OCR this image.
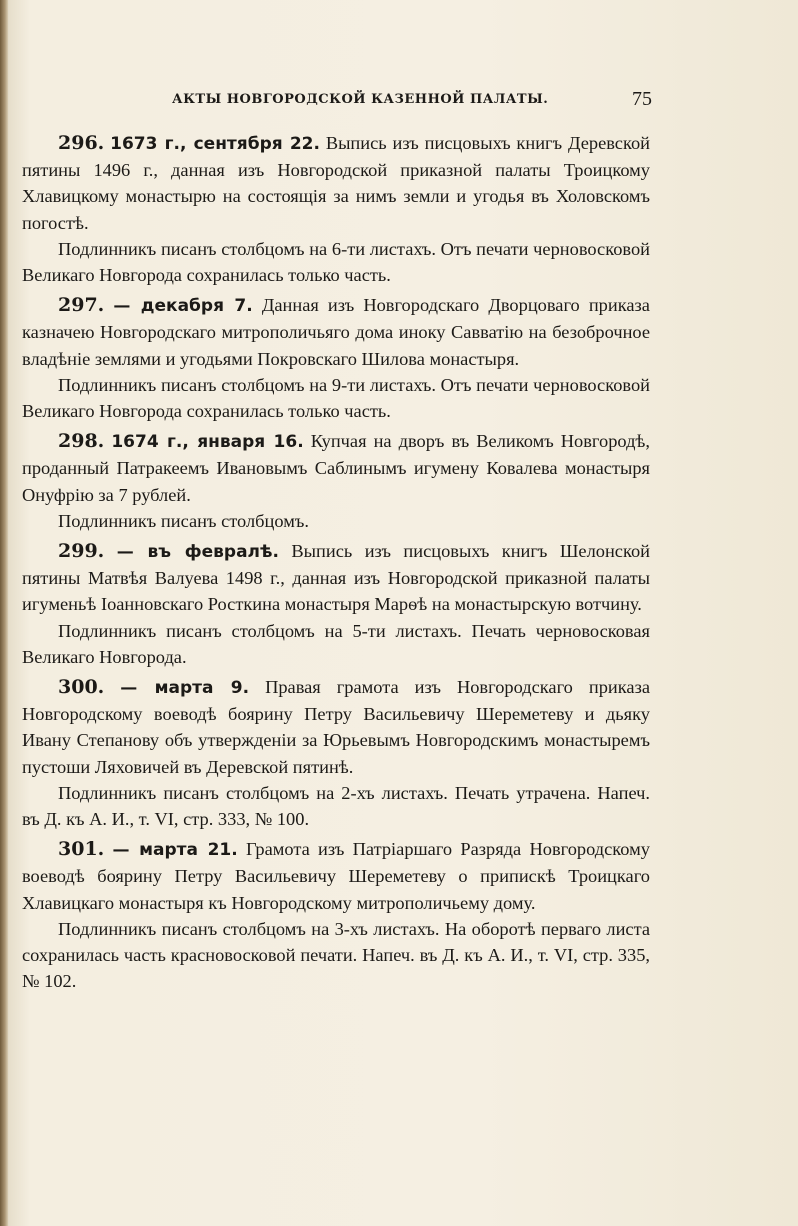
АКТЫ НОВГОРОДСКОЙ КАЗЕННОЙ ПАЛАТЫ.	75

296. 1673 г., сентября 22. Выпись изъ писцовыхъ книгъ Деревской пятины 1496 г., данная изъ Новгородской приказной палаты Троицкому Хлавицкому монастырю на состоящія за нимъ земли и угодья въ Холовскомъ погостѣ.

Подлинникъ писанъ столбцомъ на 6-ти листахъ. Отъ печати черновосковой Великаго Новгорода сохранилась только часть.

297. — декабря 7. Данная изъ Новгородскаго Дворцоваго приказа казначею Новгородскаго митрополичьяго дома иноку Савватію на безоброчное владѣніе землями и угодьями Покровскаго Шилова монастыря.

Подлинникъ писанъ столбцомъ на 9-ти листахъ. Отъ печати черновосковой Великаго Новгорода сохранилась только часть.

298. 1674 г., января 16. Купчая на дворъ въ Великомъ Новгородѣ, проданный Патракеемъ Ивановымъ Саблинымъ игумену Ковалева монастыря Онуфрію за 7 рублей.

Подлинникъ писанъ столбцомъ.

299. — въ февралѣ. Выпись изъ писцовыхъ книгъ Шелонской пятины Матвѣя Валуева 1498 г., данная изъ Новгородской приказной палаты игуменьѣ Іоанновскаго Росткина монастыря Марѳѣ на монастырскую вотчину.

Подлинникъ писанъ столбцомъ на 5-ти листахъ. Печать черновосковая Великаго Новгорода.

300. — марта 9. Правая грамота изъ Новгородскаго приказа Новгородскому воеводѣ боярину Петру Васильевичу Шереметеву и дьяку Ивану Степанову объ утвержденіи за Юрьевымъ Новгородскимъ монастыремъ пустоши Ляховичей въ Деревской пятинѣ.

Подлинникъ писанъ столбцомъ на 2-хъ листахъ. Печать утрачена. Напеч. въ Д. къ А. И., т. VI, стр. 333, № 100.

301. — марта 21. Грамота изъ Патріаршаго Разряда Новгородскому воеводѣ боярину Петру Васильевичу Шереметеву о припискѣ Троицкаго Хлавицкаго монастыря къ Новгородскому митрополичьему дому.

Подлинникъ писанъ столбцомъ на 3-хъ листахъ. На оборотѣ перваго листа сохранилась часть красновосковой печати. Напеч. въ Д. къ А. И., т. VI, стр. 335, № 102.
